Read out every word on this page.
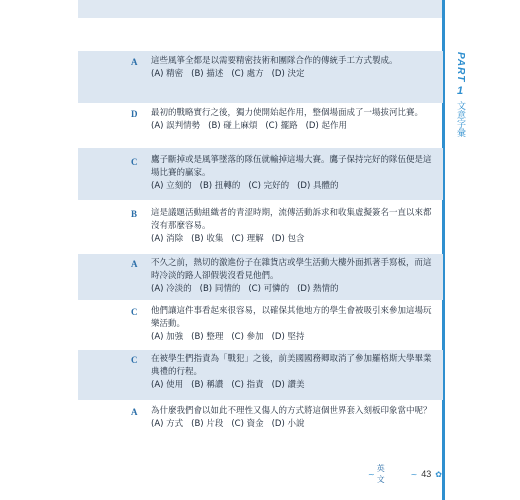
PART
1
文意字彙
A 這些風箏全都是以需要精密技術和團隊合作的傳統手工方式製成。
(A) 精密 (B) 描述 (C) 處方 (D) 決定
D 最初的戰略實行之後，獨力使開始起作用，整個場面成了一場拔河比賽。
(A) 誤判情勢 (B) 碰上麻煩 (C) 擺路 (D) 起作用
C 鷹子斷掉或是風箏墜落的隊伍就輸掉這場大賽。鷹子保持完好的隊伍便是這場比賽的贏家。
(A) 立刻的 (B) 扭轉的 (C) 完好的 (D) 具體的
B 這是議題活動組織者的青涩時期，流傳活動訴求和收集虛擬簽名一直以來都沒有那麼容易。
(A) 消除 (B) 收集 (C) 理解 (D) 包含
A 不久之前，熱切的激進份子在雜貨店或學生活動大樓外面抓著手寫板，而這時冷淡的路人卻假裝沒看見他們。
(A) 冷淡的 (B) 同情的 (C) 可憐的 (D) 熱情的
C 他們讓這件事看起來很容易，以確保其他地方的學生會被吸引來參加這場玩樂活動。
(A) 加強 (B) 整理 (C) 參加 (D) 堅持
C 在被學生們指責為「戰犯」之後，前美國國務卿取消了參加羅格斯大學畢業典禮的行程。
(A) 使用 (B) 稱讚 (C) 指責 (D) 讚美
A 為什麼我們會以如此不理性又傷人的方式將這個世界套入刻板印象當中呢？
(A) 方式 (B) 片段 (C) 資金 (D) 小說
~
英　文
~ 43 ✿
